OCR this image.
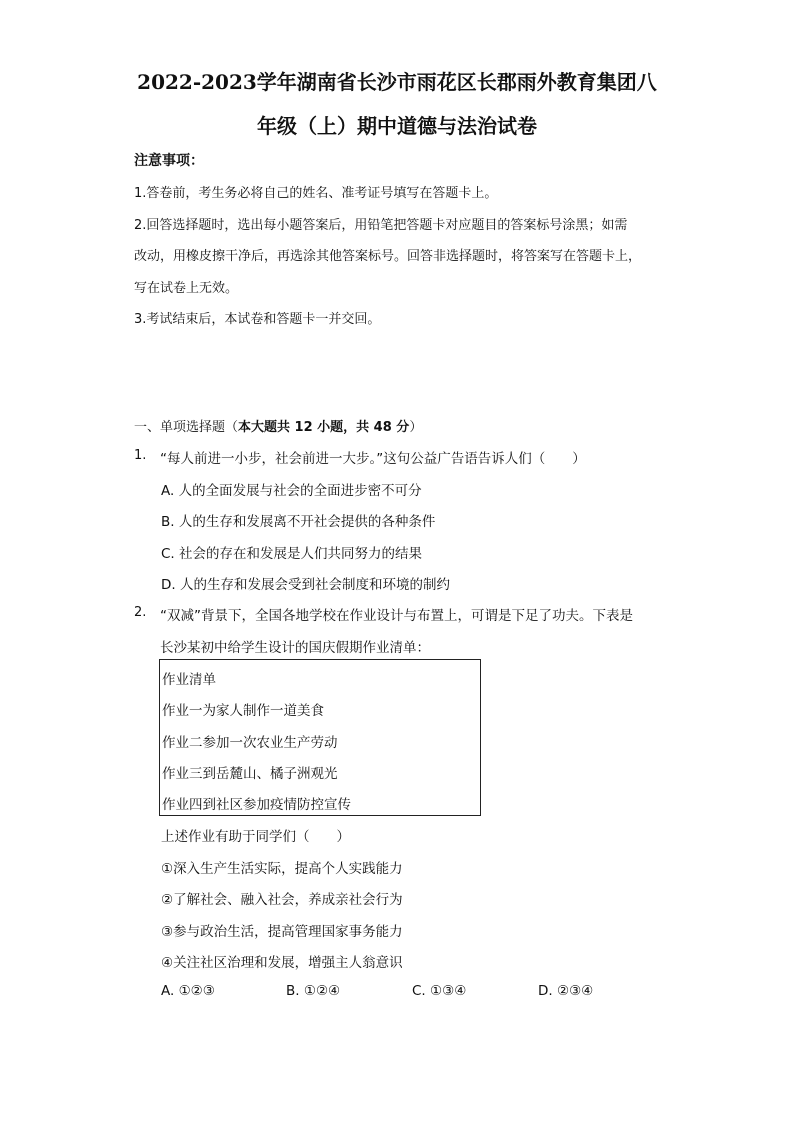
2022-2023学年湖南省长沙市雨花区长郡雨外教育集团八
年级（上）期中道德与法治试卷
注意事项：
1.答卷前，考生务必将自己的姓名、准考证号填写在答题卡上。
2.回答选择题时，选出每小题答案后，用铅笔把答题卡对应题目的答案标号涂黑；如需
改动，用橡皮擦干净后，再选涂其他答案标号。回答非选择题时，将答案写在答题卡上，
写在试卷上无效。
3.考试结束后，本试卷和答题卡一并交回。
一、单项选择题（本大题共 12 小题，共 48 分）
1. “每人前进一小步，社会前进一大步。”这句公益广告语告诉人们（　　）
A. 人的全面发展与社会的全面进步密不可分
B. 人的生存和发展离不开社会提供的各种条件
C. 社会的存在和发展是人们共同努力的结果
D. 人的生存和发展会受到社会制度和环境的制约
2. “双减”背景下，全国各地学校在作业设计与布置上，可谓是下足了功夫。下表是
长沙某初中给学生设计的国庆假期作业清单：
作业清单
作业一为家人制作一道美食
作业二参加一次农业生产劳动
作业三到岳麓山、橘子洲观光
作业四到社区参加疫情防控宣传
上述作业有助于同学们（　　）
①深入生产生活实际，提高个人实践能力
②了解社会、融入社会，养成亲社会行为
③参与政治生活，提高管理国家事务能力
④关注社区治理和发展，增强主人翁意识
A. ①②③	B. ①②④	C. ①③④	D. ②③④
